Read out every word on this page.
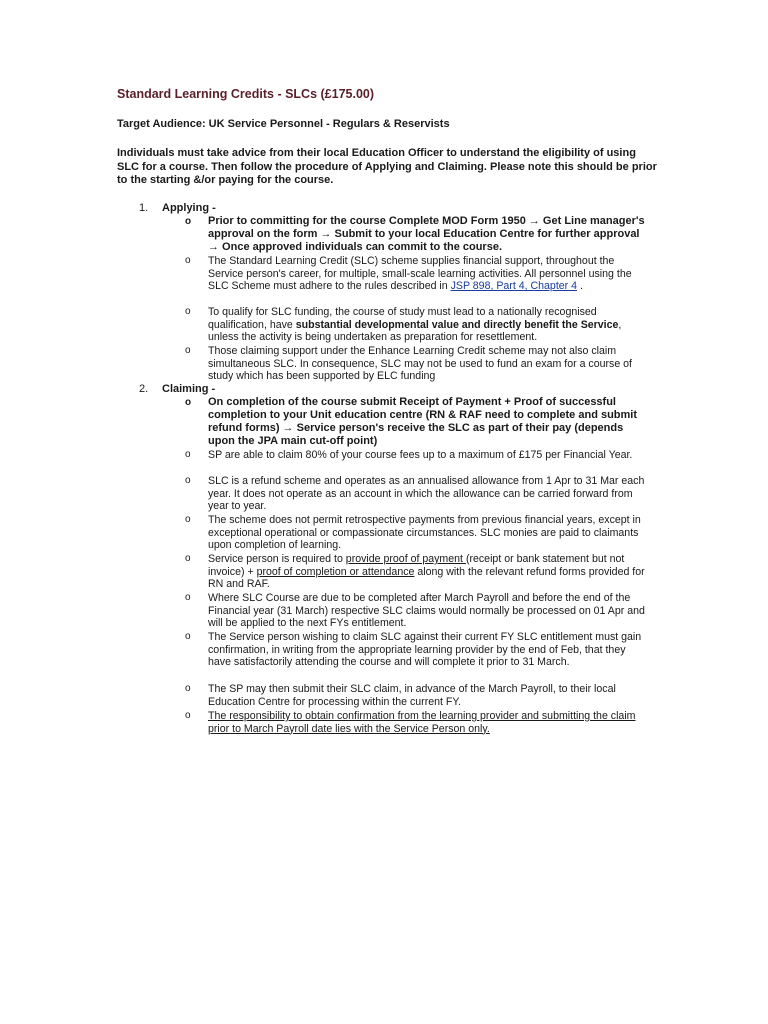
Standard Learning Credits - SLCs (£175.00)
Target Audience: UK Service Personnel - Regulars & Reservists
Individuals must take advice from their local Education Officer to understand the eligibility of using SLC for a course. Then follow the procedure of Applying and Claiming. Please note this should be prior to the starting &/or paying for the course.
1. Applying -
o Prior to committing for the course Complete MOD Form 1950 → Get Line manager's approval on the form → Submit to your local Education Centre for further approval → Once approved individuals can commit to the course.
o The Standard Learning Credit (SLC) scheme supplies financial support, throughout the Service person's career, for multiple, small-scale learning activities. All personnel using the SLC Scheme must adhere to the rules described in JSP 898, Part 4, Chapter 4 .
o To qualify for SLC funding, the course of study must lead to a nationally recognised qualification, have substantial developmental value and directly benefit the Service, unless the activity is being undertaken as preparation for resettlement.
o Those claiming support under the Enhance Learning Credit scheme may not also claim simultaneous SLC. In consequence, SLC may not be used to fund an exam for a course of study which has been supported by ELC funding
2. Claiming -
o On completion of the course submit Receipt of Payment + Proof of successful completion to your Unit education centre (RN & RAF need to complete and submit refund forms) → Service person's receive the SLC as part of their pay (depends upon the JPA main cut-off point)
o SP are able to claim 80% of your course fees up to a maximum of £175 per Financial Year.
o SLC is a refund scheme and operates as an annualised allowance from 1 Apr to 31 Mar each year. It does not operate as an account in which the allowance can be carried forward from year to year.
o The scheme does not permit retrospective payments from previous financial years, except in exceptional operational or compassionate circumstances. SLC monies are paid to claimants upon completion of learning.
o Service person is required to provide proof of payment (receipt or bank statement but not invoice) + proof of completion or attendance along with the relevant refund forms provided for RN and RAF.
o Where SLC Course are due to be completed after March Payroll and before the end of the Financial year (31 March) respective SLC claims would normally be processed on 01 Apr and will be applied to the next FYs entitlement.
o The Service person wishing to claim SLC against their current FY SLC entitlement must gain confirmation, in writing from the appropriate learning provider by the end of Feb, that they have satisfactorily attending the course and will complete it prior to 31 March.
o The SP may then submit their SLC claim, in advance of the March Payroll, to their local Education Centre for processing within the current FY.
o The responsibility to obtain confirmation from the learning provider and submitting the claim prior to March Payroll date lies with the Service Person only.
